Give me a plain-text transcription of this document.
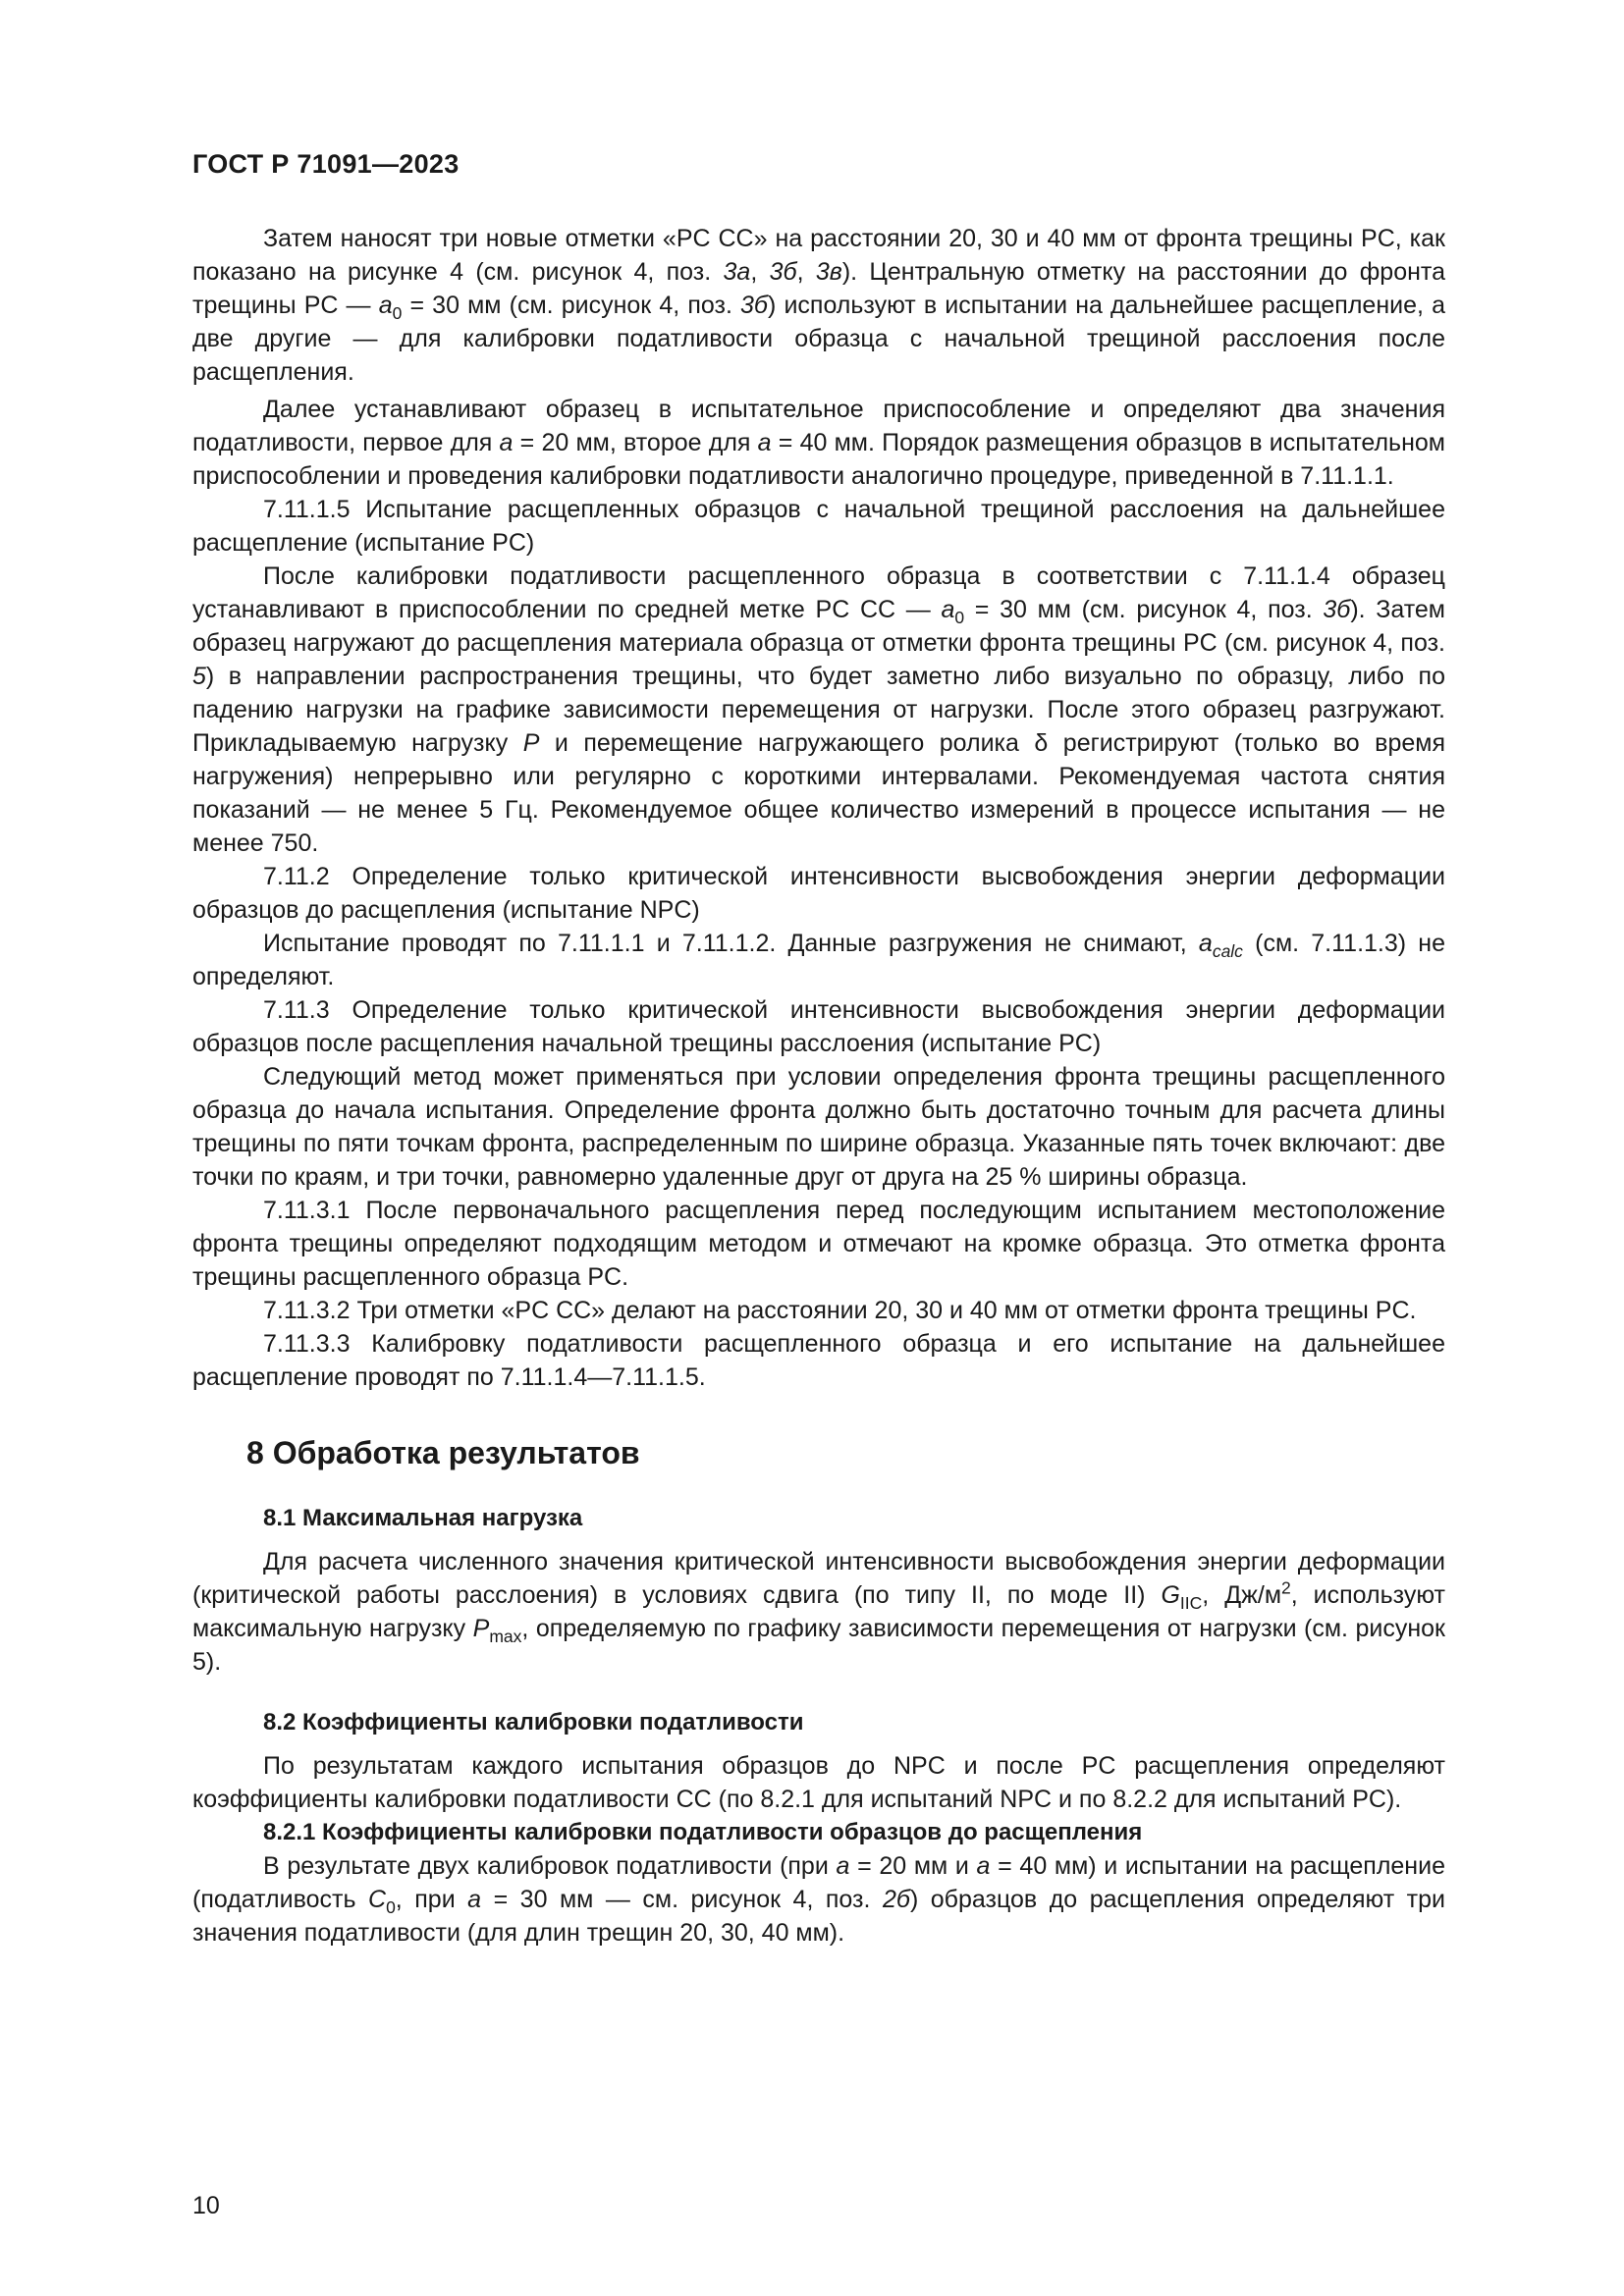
ГОСТ Р 71091—2023

Затем наносят три новые отметки «PC CC» на расстоянии 20, 30 и 40 мм от фронта трещины PC, как показано на рисунке 4 (см. рисунок 4, поз. 3а, 3б, 3в). Центральную отметку на расстоянии до фронта трещины PC — $a_0 = 30$ мм (см. рисунок 4, поз. 3б) используют в испытании на дальнейшее расщепление, а две другие — для калибровки податливости образца с начальной трещиной расслоения после расщепления.

Далее устанавливают образец в испытательное приспособление и определяют два значения податливости, первое для a = 20 мм, второе для a = 40 мм. Порядок размещения образцов в испытательном приспособлении и проведения калибровки податливости аналогично процедуре, приведенной в 7.11.1.1.

7.11.1.5 Испытание расщепленных образцов с начальной трещиной расслоения на дальнейшее расщепление (испытание PC)

После калибровки податливости расщепленного образца в соответствии с 7.11.1.4 образец устанавливают в приспособлении по средней метке PC CC — $a_0 = 30$ мм (см. рисунок 4, поз. 3б). Затем образец нагружают до расщепления материала образца от отметки фронта трещины PC (см. рисунок 4, поз. 5) в направлении распространения трещины, что будет заметно либо визуально по образцу, либо по падению нагрузки на графике зависимости перемещения от нагрузки. После этого образец разгружают. Прикладываемую нагрузку P и перемещение нагружающего ролика δ регистрируют (только во время нагружения) непрерывно или регулярно с короткими интервалами. Рекомендуемая частота снятия показаний — не менее 5 Гц. Рекомендуемое общее количество измерений в процессе испытания — не менее 750.

7.11.2 Определение только критической интенсивности высвобождения энергии деформации образцов до расщепления (испытание NPC)

Испытание проводят по 7.11.1.1 и 7.11.1.2. Данные разгружения не снимают, $a_{calc}$ (см. 7.11.1.3) не определяют.

7.11.3 Определение только критической интенсивности высвобождения энергии деформации образцов после расщепления начальной трещины расслоения (испытание PC)

Следующий метод может применяться при условии определения фронта трещины расщепленного образца до начала испытания. Определение фронта должно быть достаточно точным для расчета длины трещины по пяти точкам фронта, распределенным по ширине образца. Указанные пять точек включают: две точки по краям, и три точки, равномерно удаленные друг от друга на 25 % ширины образца.

7.11.3.1 После первоначального расщепления перед последующим испытанием местоположение фронта трещины определяют подходящим методом и отмечают на кромке образца. Это отметка фронта трещины расщепленного образца PC.

7.11.3.2 Три отметки «PC CC» делают на расстоянии 20, 30 и 40 мм от отметки фронта трещины PC.

7.11.3.3 Калибровку податливости расщепленного образца и его испытание на дальнейшее расщепление проводят по 7.11.1.4—7.11.1.5.

8 Обработка результатов
8.1 Максимальная нагрузка

Для расчета численного значения критической интенсивности высвобождения энергии деформации (критической работы расслоения) в условиях сдвига (по типу II, по моде II) $G_{IIC}$, $Дж/м^2$, используют максимальную нагрузку $P_{max}$, определяемую по графику зависимости перемещения от нагрузки (см. рисунок 5).

8.2 Коэффициенты калибровки податливости

По результатам каждого испытания образцов до NPC и после PC расщепления определяют коэффициенты калибровки податливости CC (по 8.2.1 для испытаний NPC и по 8.2.2 для испытаний PC).

8.2.1 Коэффициенты калибровки податливости образцов до расщепления

В результате двух калибровок податливости (при a = 20 мм и a = 40 мм) и испытании на расщепление (податливость $C_0$, при a = 30 мм — см. рисунок 4, поз. 2б) образцов до расщепления определяют три значения податливости (для длин трещин 20, 30, 40 мм).

10
